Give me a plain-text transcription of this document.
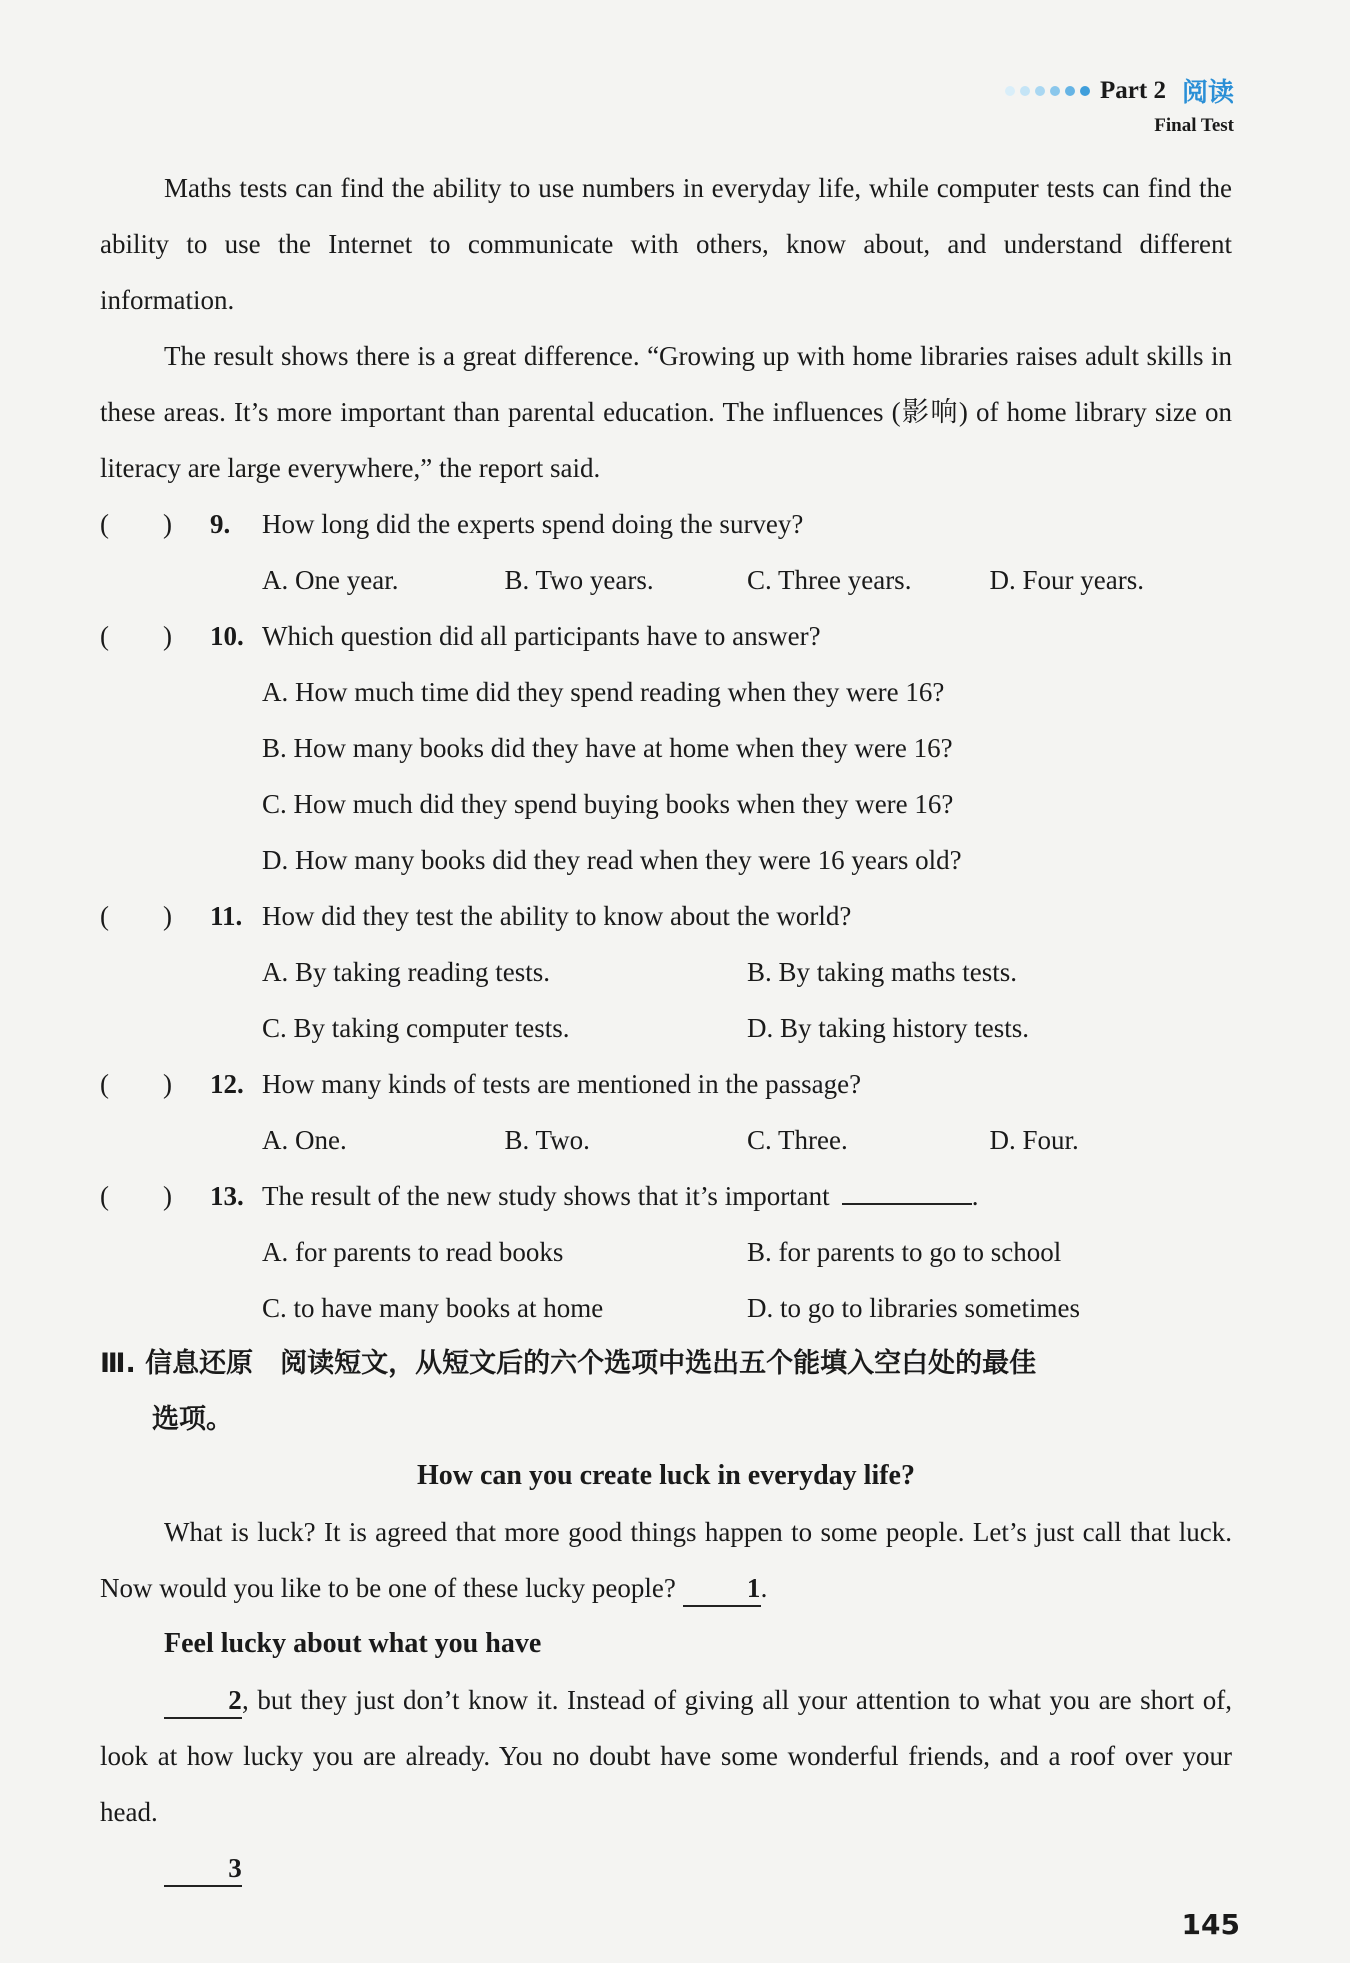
Part 2 阅读
Final Test

Maths tests can find the ability to use numbers in everyday life, while computer tests can find the ability to use the Internet to communicate with others, know about, and understand different information.

The result shows there is a great difference. “Growing up with home libraries raises adult skills in these areas. It’s more important than parental education. The influences (影响) of home library size on literacy are large everywhere,” the report said.

(        )	9.	How long did the experts spend doing the survey?
A. One year.	B. Two years.	C. Three years.	D. Four years.
(        )	10. Which question did all participants have to answer?
A. How much time did they spend reading when they were 16?
B. How many books did they have at home when they were 16?
C. How much did they spend buying books when they were 16?
D. How many books did they read when they were 16 years old?
(        )	11. How did they test the ability to know about the world?
A. By taking reading tests.	B. By taking maths tests.
C. By taking computer tests.	D. By taking history tests.
(        )	12. How many kinds of tests are mentioned in the passage?
A. One.	B. Two.	C. Three.	D. Four.
(        )	13. The result of the new study shows that it’s important	.
A. for parents to read books	B. for parents to go to school
C. to have many books at home	D. to go to libraries sometimes
Ⅲ. 信息还原　阅读短文，从短文后的六个选项中选出五个能填入空白处的最佳
选项。
How can you create luck in everyday life?

What is luck? It is agreed that more good things happen to some people. Let’s just call that luck. Now would you like to be one of these lucky people?	1.

Feel lucky about what you have

2, but they just don’t know it. Instead of giving all your attention to what you are short of, look at how lucky you are already. You no doubt have some wonderful friends, and a roof over your head.

3

145
